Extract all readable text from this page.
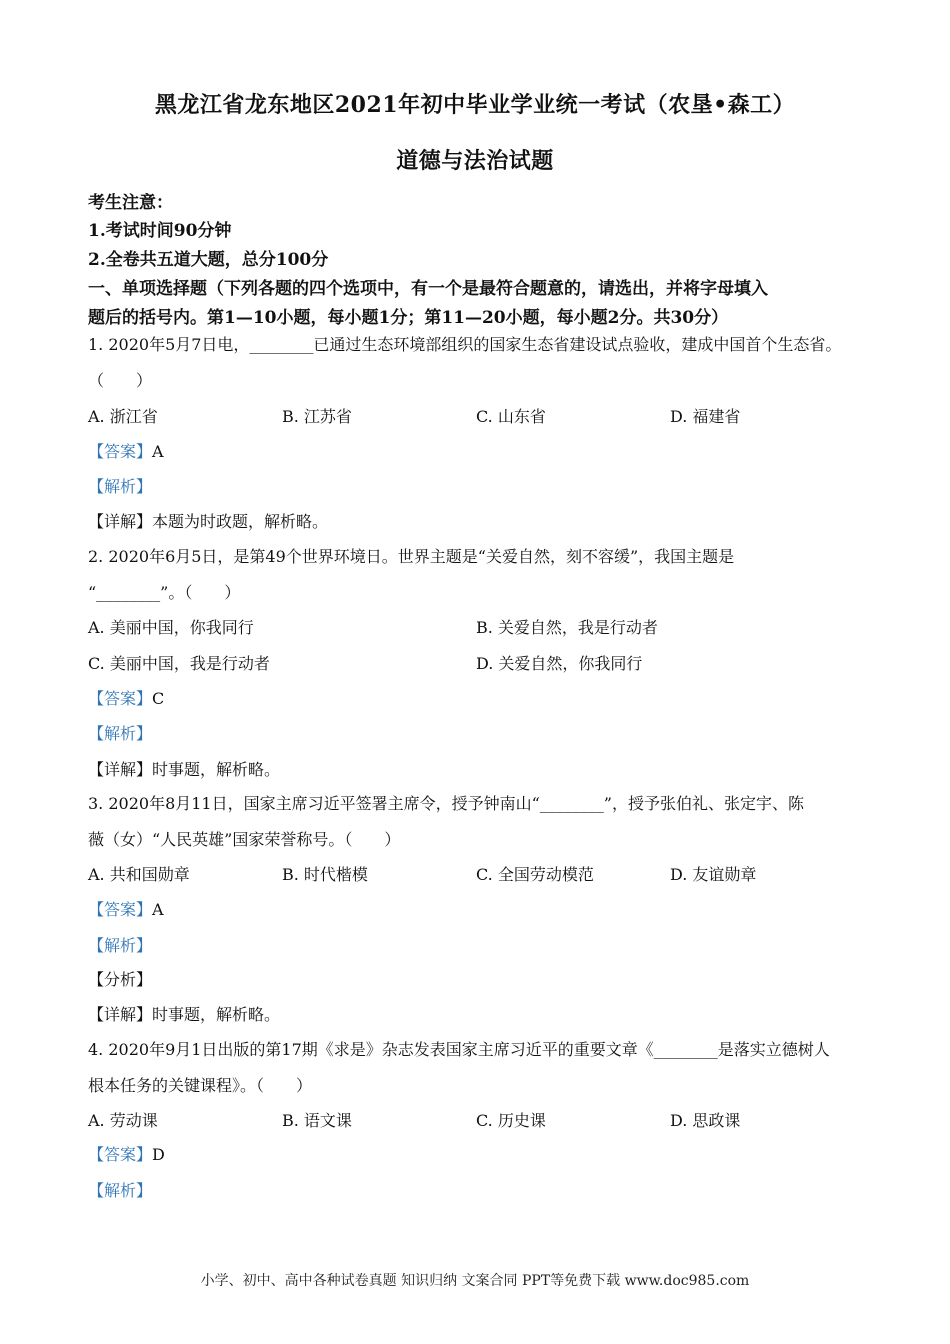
黑龙江省龙东地区2021年初中毕业学业统一考试（农垦•森工）
道德与法治试题
考生注意：
1.考试时间90分钟
2.全卷共五道大题，总分100分
一、单项选择题（下列各题的四个选项中，有一个是最符合题意的，请选出，并将字母填入
题后的括号内。第1—10小题，每小题1分；第11—20小题，每小题2分。共30分）
1. 2020年5月7日电，________已通过生态环境部组织的国家生态省建设试点验收，建成中国首个生态省。
（　　）
A. 浙江省	B. 江苏省	C. 山东省	D. 福建省
【答案】A
【解析】
【详解】本题为时政题，解析略。
2. 2020年6月5日，是第49个世界环境日。世界主题是“关爱自然，刻不容缓”，我国主题是
“________”。（　　）
A. 美丽中国，你我同行	B. 关爱自然，我是行动者
C. 美丽中国，我是行动者	D. 关爱自然，你我同行
【答案】C
【解析】
【详解】时事题，解析略。
3. 2020年8月11日，国家主席习近平签署主席令，授予钟南山“________”，授予张伯礼、张定宇、陈
薇（女）“人民英雄”国家荣誉称号。（　　）
A. 共和国勋章	B. 时代楷模	C. 全国劳动模范	D. 友谊勋章
【答案】A
【解析】
【分析】
【详解】时事题，解析略。
4. 2020年9月1日出版的第17期《求是》杂志发表国家主席习近平的重要文章《________是落实立德树人
根本任务的关键课程》。（　　）
A. 劳动课	B. 语文课	C. 历史课	D. 思政课
【答案】D
【解析】
小学、初中、高中各种试卷真题 知识归纳 文案合同 PPT等免费下载 www.doc985.com
